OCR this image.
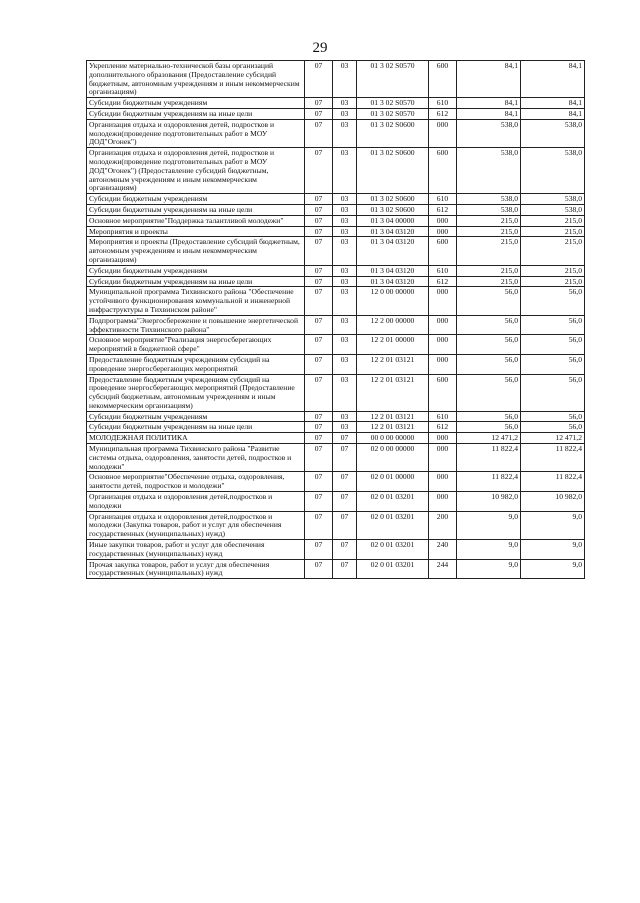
29
Укрепление материально-технической базы организаций дополнительного образования (Предоставление субсидий бюджетным, автономным учреждениям и иным некоммерческим организациям)	07	03	01 3 02 S0570	600	84,1	84,1
Субсидии бюджетным учреждениям	07	03	01 3 02 S0570	610	84,1	84,1
Субсидии бюджетным учреждениям на иные цели	07	03	01 3 02 S0570	612	84,1	84,1
Организация отдыха и оздоровления детей, подростков и молодежи(проведение подготовительных работ в МОУ ДОД"Огонек")	07	03	01 3 02 S0600	000	538,0	538,0
Организация отдыха и оздоровления детей, подростков и молодежи(проведение подготовительных работ в МОУ ДОД"Огонек") (Предоставление субсидий бюджетным, автономным учреждениям и иным некоммерческим организациям)	07	03	01 3 02 S0600	600	538,0	538,0
Субсидии бюджетным учреждениям	07	03	01 3 02 S0600	610	538,0	538,0
Субсидии бюджетным учреждениям на иные цели	07	03	01 3 02 S0600	612	538,0	538,0
Основное мероприятие"Поддержка талантливой молодежи"	07	03	01 3 04 00000	000	215,0	215,0
Мероприятия и проекты	07	03	01 3 04 03120	000	215,0	215,0
Мероприятия и проекты (Предоставление субсидий бюджетным, автономным учреждениям и иным некоммерческим организациям)	07	03	01 3 04 03120	600	215,0	215,0
Субсидии бюджетным учреждениям	07	03	01 3 04 03120	610	215,0	215,0
Субсидии бюджетным учреждениям на иные цели	07	03	01 3 04 03120	612	215,0	215,0
Муниципальной программа Тихвинского района "Обеспечение устойчивого функционирования коммунальной и инженерной инфраструктуры в Тихвинском районе"	07	03	12 0 00 00000	000	56,0	56,0
Подпрограмма"Энергосбережение и повышение энергетической эффективности Тихвинского района"	07	03	12 2 00 00000	000	56,0	56,0
Основное мероприятие"Реализация энергосберегающих мероприятий в бюджетной сфере"	07	03	12 2 01 00000	000	56,0	56,0
Предоставление бюджетным учреждениям субсидий на проведение энергосберегающих мероприятий	07	03	12 2 01 03121	000	56,0	56,0
Предоставление бюджетным учреждениям субсидий на проведение энергосберегающих мероприятий (Предоставление субсидий бюджетным, автономным учреждениям и иным некоммерческим организациям)	07	03	12 2 01 03121	600	56,0	56,0
Субсидии бюджетным учреждениям	07	03	12 2 01 03121	610	56,0	56,0
Субсидии бюджетным учреждениям на иные цели	07	03	12 2 01 03121	612	56,0	56,0
МОЛОДЕЖНАЯ ПОЛИТИКА	07	07	00 0 00 00000	000	12 471,2	12 471,2
Муниципальная программа Тихвинского района "Развитие системы отдыха, оздоровления, занятости детей, подростков и молодежи"	07	07	02 0 00 00000	000	11 822,4	11 822,4
Основное мероприятие"Обеспечение отдыха, оздоровления, занятости детей, подростков и молодежи"	07	07	02 0 01 00000	000	11 822,4	11 822,4
Организация отдыха и оздоровления детей,подростков и молодежи	07	07	02 0 01 03201	000	10 982,0	10 982,0
Организация отдыха и оздоровления детей,подростков и молодежи (Закупка товаров, работ и услуг для обеспечения государственных (муниципальных) нужд)	07	07	02 0 01 03201	200	9,0	9,0
Иные закупки товаров, работ и услуг для обеспечения государственных (муниципальных) нужд	07	07	02 0 01 03201	240	9,0	9,0
Прочая закупка товаров, работ и услуг для обеспечения государственных (муниципальных) нужд	07	07	02 0 01 03201	244	9,0	9,0
